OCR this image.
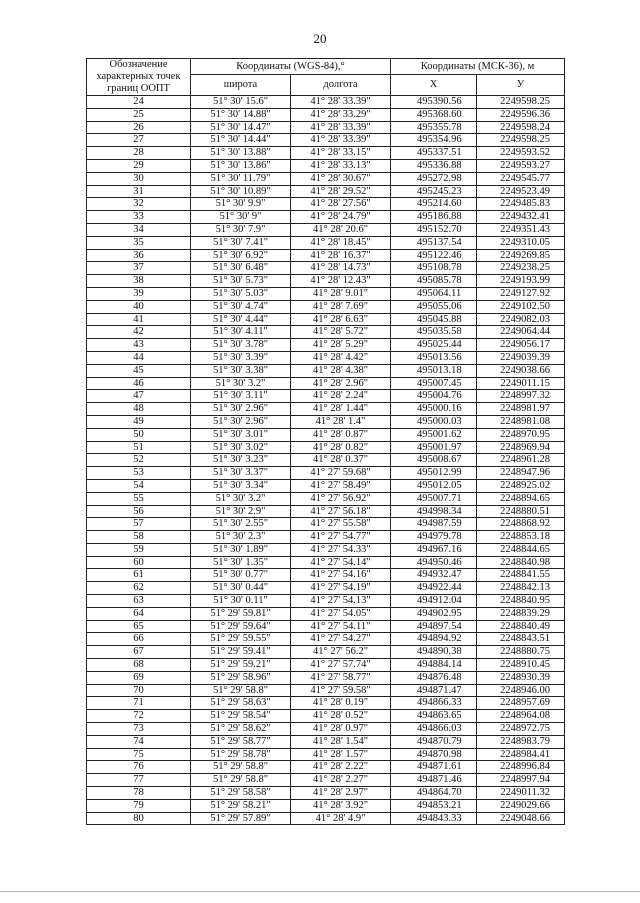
20
Обозначение характерных точек границ ООПТ	Координаты (WGS-84),°		Координаты (МСК-36), м	
	широта	долгота	X	У
24	51° 30' 15.6"	41° 28' 33.39"	495390.56	2249598.25
25	51° 30' 14.88"	41° 28' 33.29"	495368.60	2249596.36
26	51° 30' 14.47"	41° 28' 33.39"	495355.78	2249598.24
27	51° 30' 14.44"	41° 28' 33.39"	495354.96	2249598.25
28	51° 30' 13.88"	41° 28' 33.15"	495337.51	2249593.52
29	51° 30' 13.86"	41° 28' 33.13"	495336.88	2249593.27
30	51° 30' 11.79"	41° 28' 30.67"	495272.98	2249545.77
31	51° 30' 10.89"	41° 28' 29.52"	495245.23	2249523.49
32	51° 30' 9.9"	41° 28' 27.56"	495214.60	2249485.83
33	51° 30' 9"	41° 28' 24.79"	495186.88	2249432.41
34	51° 30' 7.9"	41° 28' 20.6"	495152.70	2249351.43
35	51° 30' 7.41"	41° 28' 18.45"	495137.54	2249310.05
36	51° 30' 6.92"	41° 28' 16.37"	495122.46	2249269.85
37	51° 30' 6.48"	41° 28' 14.73"	495108.78	2249238.25
38	51° 30' 5.73"	41° 28' 12.43"	495085.78	2249193.99
39	51° 30' 5.03"	41° 28' 9.01"	495064.11	2249127.92
40	51° 30' 4.74"	41° 28' 7.69"	495055.06	2249102.50
41	51° 30' 4.44"	41° 28' 6.63"	495045.88	2249082.03
42	51° 30' 4.11"	41° 28' 5.72"	495035.58	2249064.44
43	51° 30' 3.78"	41° 28' 5.29"	495025.44	2249056.17
44	51° 30' 3.39"	41° 28' 4.42"	495013.56	2249039.39
45	51° 30' 3.38"	41° 28' 4.38"	495013.18	2249038.66
46	51° 30' 3.2"	41° 28' 2.96"	495007.45	2249011.15
47	51° 30' 3.11"	41° 28' 2.24"	495004.76	2248997.32
48	51° 30' 2.96"	41° 28' 1.44"	495000.16	2248981.97
49	51° 30' 2.96"	41° 28' 1.4"	495000.03	2248981.08
50	51° 30' 3.01"	41° 28' 0.87"	495001.62	2248970.95
51	51° 30' 3.02"	41° 28' 0.82"	495001.97	2248969.94
52	51° 30' 3.23"	41° 28' 0.37"	495008.67	2248961.28
53	51° 30' 3.37"	41° 27' 59.68"	495012.99	2248947.96
54	51° 30' 3.34"	41° 27' 58.49"	495012.05	2248925.02
55	51° 30' 3.2"	41° 27' 56.92"	495007.71	2248894.65
56	51° 30' 2.9"	41° 27' 56.18"	494998.34	2248880.51
57	51° 30' 2.55"	41° 27' 55.58"	494987.59	2248868.92
58	51° 30' 2.3"	41° 27' 54.77"	494979.78	2248853.18
59	51° 30' 1.89"	41° 27' 54.33"	494967.16	2248844.65
60	51° 30' 1.35"	41° 27' 54.14"	494950.46	2248840.98
61	51° 30' 0.77"	41° 27' 54.16"	494932.47	2248841.55
62	51° 30' 0.44"	41° 27' 54.19"	494922.44	2248842.13
63	51° 30' 0.11"	41° 27' 54.13"	494912.04	2248840.95
64	51° 29' 59.81"	41° 27' 54.05"	494902.95	2248839.29
65	51° 29' 59.64"	41° 27' 54.11"	494897.54	2248840.49
66	51° 29' 59.55"	41° 27' 54.27"	494894.92	2248843.51
67	51° 29' 59.41"	41° 27' 56.2"	494890.38	2248880.75
68	51° 29' 59.21"	41° 27' 57.74"	494884.14	2248910.45
69	51° 29' 58.96"	41° 27' 58.77"	494876.48	2248930.39
70	51° 29' 58.8"	41° 27' 59.58"	494871.47	2248946.00
71	51° 29' 58.63"	41° 28' 0.19"	494866.33	2248957.69
72	51° 29' 58.54"	41° 28' 0.52"	494863.65	2248964.08
73	51° 29' 58.62"	41° 28' 0.97"	494866.03	2248972.75
74	51° 29' 58.77"	41° 28' 1.54"	494870.79	2248983.79
75	51° 29' 58.78"	41° 28' 1.57"	494870.98	2248984.41
76	51° 29' 58.8"	41° 28' 2.22"	494871.61	2248996.84
77	51° 29' 58.8"	41° 28' 2.27"	494871.46	2248997.94
78	51° 29' 58.58"	41° 28' 2.97"	494864.70	2249011.32
79	51° 29' 58.21"	41° 28' 3.92"	494853.21	2249029.66
80	51° 29' 57.89"	41° 28' 4.9"	494843.33	2249048.66
